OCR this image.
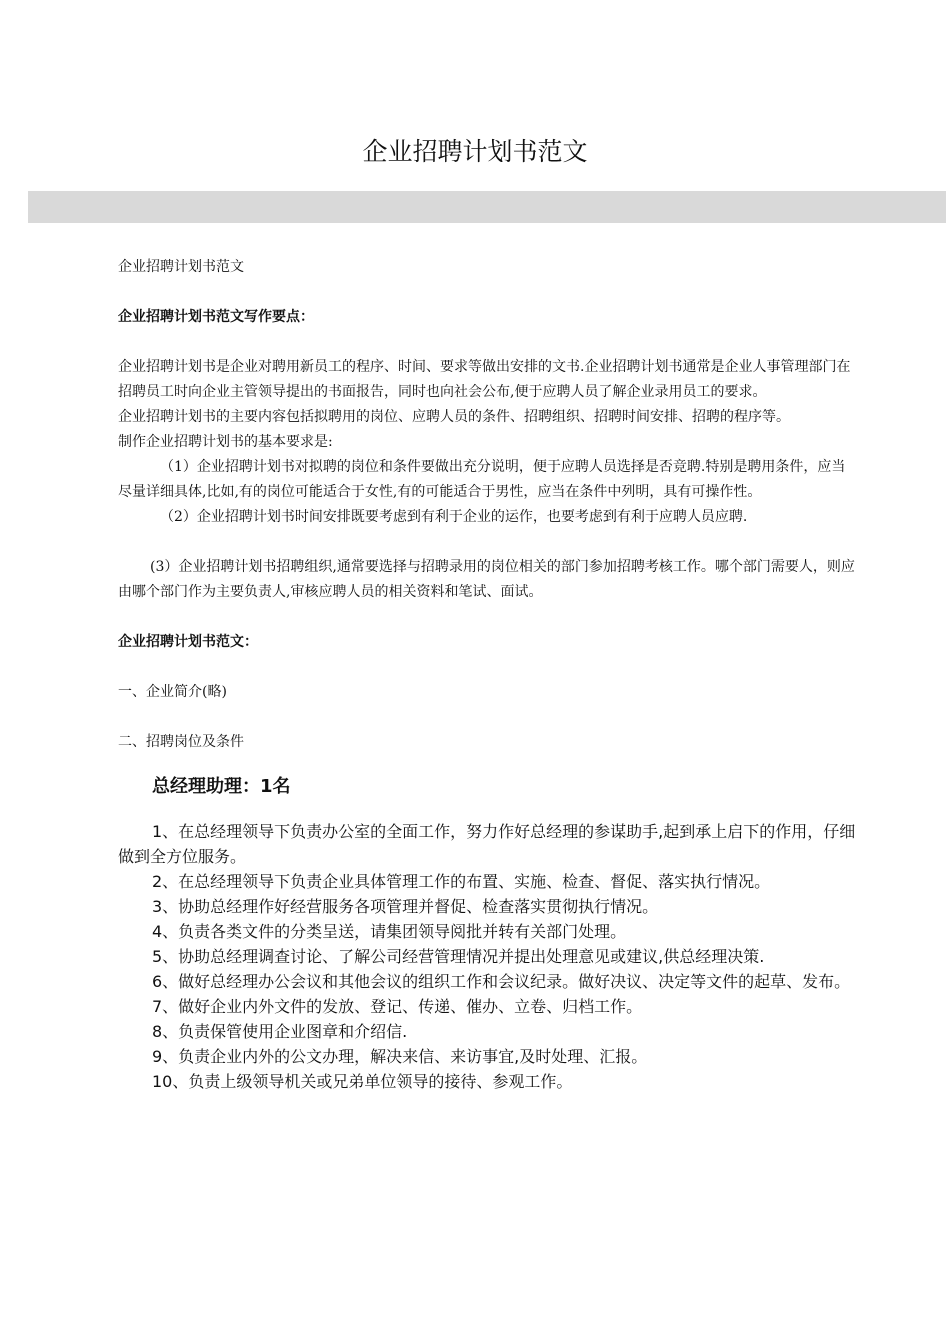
企业招聘计划书范文

企业招聘计划书范文

企业招聘计划书范文写作要点：

企业招聘计划书是企业对聘用新员工的程序、时间、要求等做出安排的文书.企业招聘计划书通常是企业人事管理部门在招聘员工时向企业主管领导提出的书面报告，同时也向社会公布,便于应聘人员了解企业录用员工的要求。

企业招聘计划书的主要内容包括拟聘用的岗位、应聘人员的条件、招聘组织、招聘时间安排、招聘的程序等。

制作企业招聘计划书的基本要求是:

（1）企业招聘计划书对拟聘的岗位和条件要做出充分说明，便于应聘人员选择是否竞聘.特别是聘用条件，应当尽量详细具体,比如,有的岗位可能适合于女性,有的可能适合于男性，应当在条件中列明，具有可操作性。

（2）企业招聘计划书时间安排既要考虑到有利于企业的运作，也要考虑到有利于应聘人员应聘.

(3）企业招聘计划书招聘组织,通常要选择与招聘录用的岗位相关的部门参加招聘考核工作。哪个部门需要人，则应由哪个部门作为主要负责人,审核应聘人员的相关资料和笔试、面试。

企业招聘计划书范文：

一、企业简介(略)

二、招聘岗位及条件

总经理助理：1名

1、在总经理领导下负责办公室的全面工作，努力作好总经理的参谋助手,起到承上启下的作用，仔细做到全方位服务。

2、在总经理领导下负责企业具体管理工作的布置、实施、检查、督促、落实执行情况。

3、协助总经理作好经营服务各项管理并督促、检查落实贯彻执行情况。

4、负责各类文件的分类呈送，请集团领导阅批并转有关部门处理。

5、协助总经理调查讨论、了解公司经营管理情况并提出处理意见或建议,供总经理决策.

6、做好总经理办公会议和其他会议的组织工作和会议纪录。做好决议、决定等文件的起草、发布。

7、做好企业内外文件的发放、登记、传递、催办、立卷、归档工作。

8、负责保管使用企业图章和介绍信.

9、负责企业内外的公文办理，解决来信、来访事宜,及时处理、汇报。

10、负责上级领导机关或兄弟单位领导的接待、参观工作。
